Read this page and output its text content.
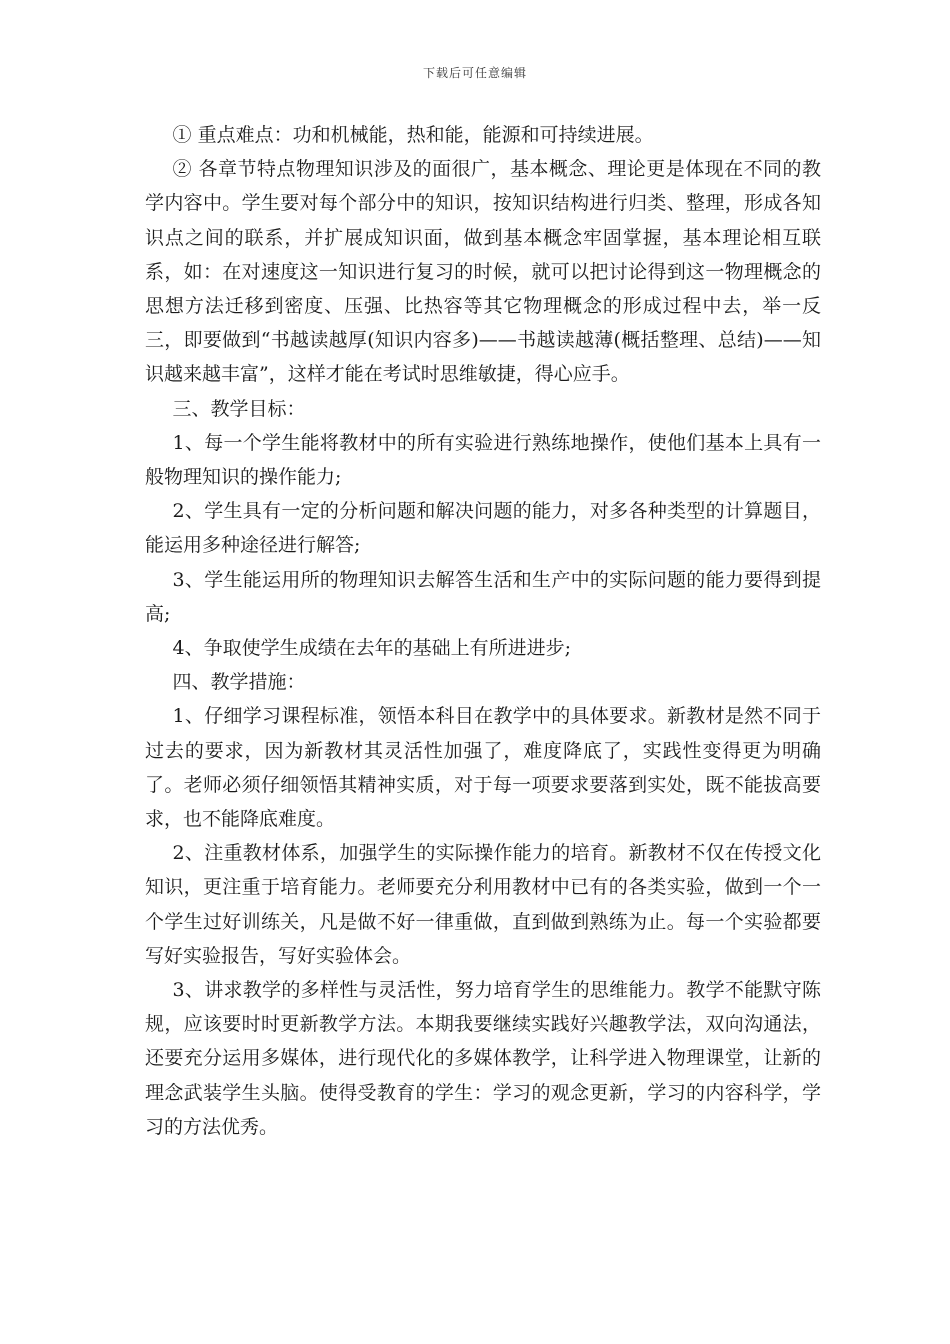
下载后可任意编辑

① 重点难点：功和机械能，热和能，能源和可持续进展。

② 各章节特点物理知识涉及的面很广，基本概念、理论更是体现在不同的教学内容中。学生要对每个部分中的知识，按知识结构进行归类、整理，形成各知识点之间的联系，并扩展成知识面，做到基本概念牢固掌握，基本理论相互联系，如：在对速度这一知识进行复习的时候，就可以把讨论得到这一物理概念的思想方法迁移到密度、压强、比热容等其它物理概念的形成过程中去，举一反三，即要做到“书越读越厚(知识内容多)——书越读越薄(概括整理、总结)——知识越来越丰富”，这样才能在考试时思维敏捷，得心应手。

三、教学目标：

1、每一个学生能将教材中的所有实验进行熟练地操作，使他们基本上具有一般物理知识的操作能力;

2、学生具有一定的分析问题和解决问题的能力，对多各种类型的计算题目，能运用多种途径进行解答;

3、学生能运用所的物理知识去解答生活和生产中的实际问题的能力要得到提高;

4、争取使学生成绩在去年的基础上有所进进步;

四、教学措施：

1、仔细学习课程标准，领悟本科目在教学中的具体要求。新教材是然不同于过去的要求，因为新教材其灵活性加强了，难度降底了，实践性变得更为明确了。老师必须仔细领悟其精神实质，对于每一项要求要落到实处，既不能拔高要求，也不能降底难度。

2、注重教材体系，加强学生的实际操作能力的培育。新教材不仅在传授文化知识，更注重于培育能力。老师要充分利用教材中已有的各类实验，做到一个一个学生过好训练关，凡是做不好一律重做，直到做到熟练为止。每一个实验都要写好实验报告，写好实验体会。

3、讲求教学的多样性与灵活性，努力培育学生的思维能力。教学不能默守陈规，应该要时时更新教学方法。本期我要继续实践好兴趣教学法，双向沟通法，还要充分运用多媒体，进行现代化的多媒体教学，让科学进入物理课堂，让新的理念武装学生头脑。使得受教育的学生：学习的观念更新，学习的内容科学，学习的方法优秀。
